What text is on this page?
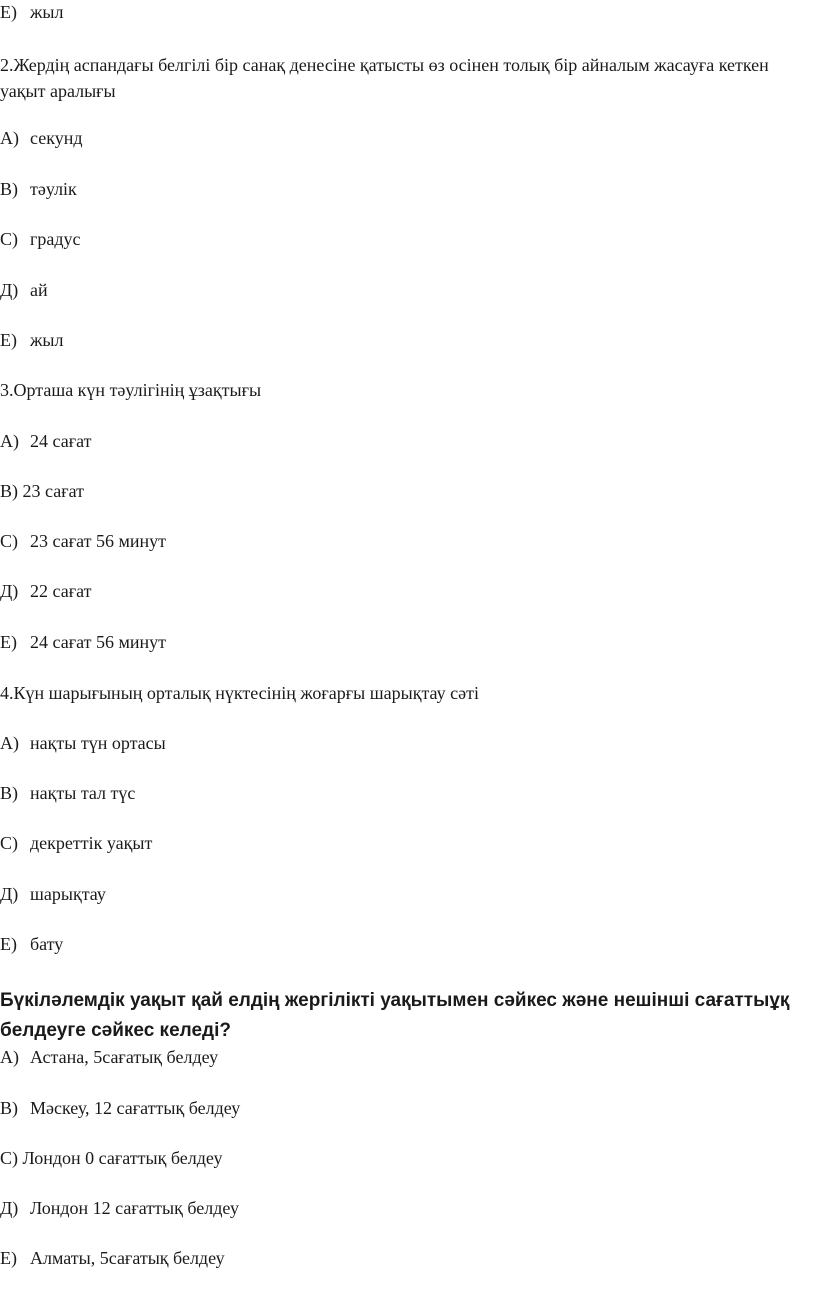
Е) жыл
2.Жердің аспандағы белгілі бір санақ денесіне қатысты өз осінен толық бір айналым жасауға кеткен уақыт аралығы
А) секунд
В) тәулік
С) градус
Д) ай
Е) жыл
3.Орташа күн тәулігінің ұзақтығы
А) 24 сағат
В) 23 сағат
С) 23 сағат 56 минут
Д) 22 сағат
Е) 24 сағат 56 минут
4.Күн шарығының орталық нүктесінің жоғарғы шарықтау сәті
А) нақты түн ортасы
В) нақты тал түс
С) декреттік уақыт
Д) шарықтау
Е) бату
Бүкіләлемдік уақыт қай елдің жергілікті уақытымен сәйкес және нешінші сағаттыұқ белдеуге сәйкес келеді?
А) Астана, 5сағатық белдеу
В) Мәскеу, 12 сағаттық белдеу
С) Лондон 0 сағаттық белдеу
Д) Лондон 12 сағаттық белдеу
Е) Алматы, 5сағатық белдеу
